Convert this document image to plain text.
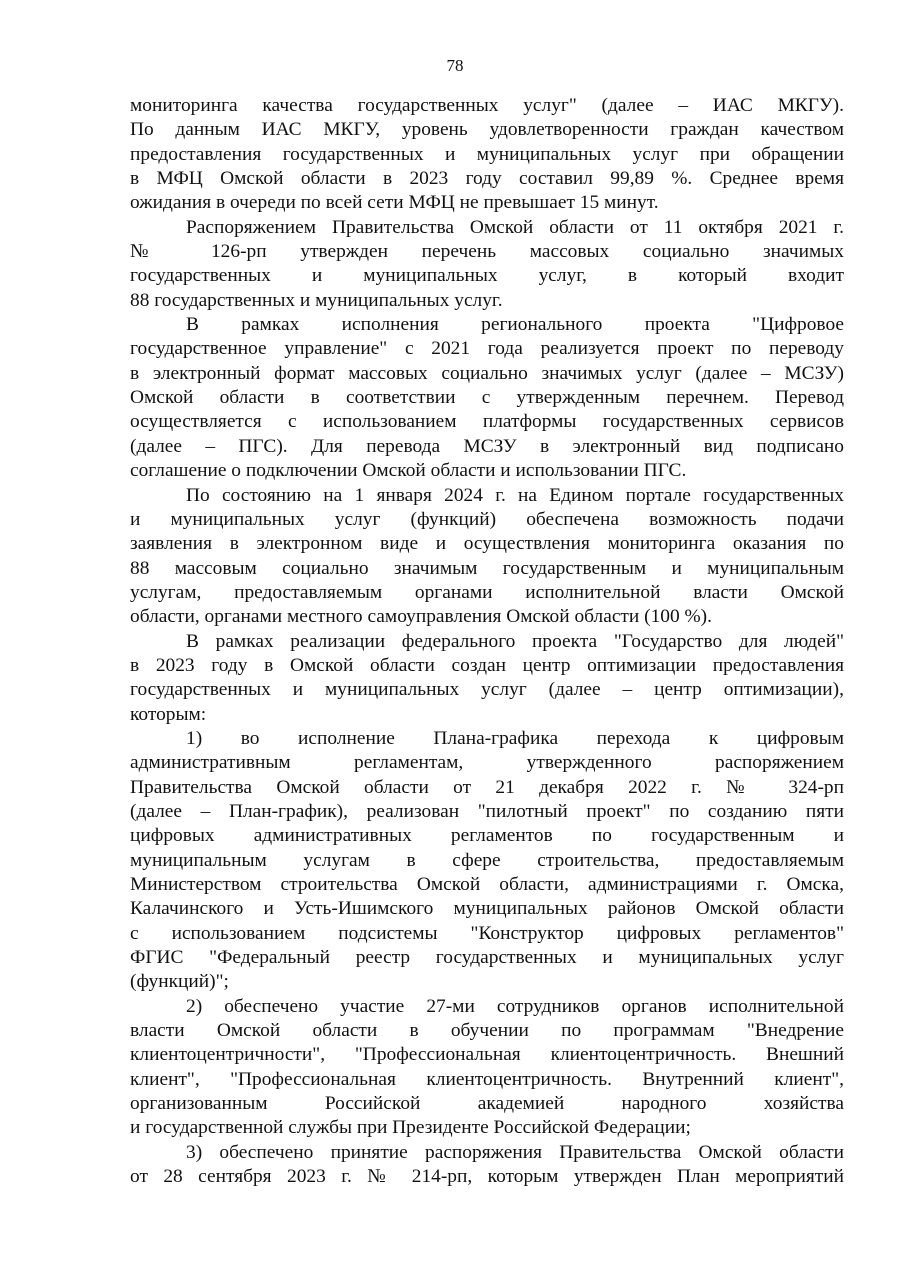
78
мониторинга качества государственных услуг" (далее – ИАС МКГУ).
По данным ИАС МКГУ, уровень удовлетворенности граждан качеством
предоставления государственных и муниципальных услуг при обращении
в МФЦ Омской области в 2023 году составил 99,89 %. Среднее время
ожидания в очереди по всей сети МФЦ не превышает 15 минут.
Распоряжением Правительства Омской области от 11 октября 2021 г.
№ 126-рп утвержден перечень массовых социально значимых
государственных и муниципальных услуг, в который входит
88 государственных и муниципальных услуг.
В рамках исполнения регионального проекта "Цифровое
государственное управление" с 2021 года реализуется проект по переводу
в электронный формат массовых социально значимых услуг (далее – МСЗУ)
Омской области в соответствии с утвержденным перечнем. Перевод
осуществляется с использованием платформы государственных сервисов
(далее – ПГС). Для перевода МСЗУ в электронный вид подписано
соглашение о подключении Омской области и использовании ПГС.
По состоянию на 1 января 2024 г. на Едином портале государственных
и муниципальных услуг (функций) обеспечена возможность подачи
заявления в электронном виде и осуществления мониторинга оказания по
88 массовым социально значимым государственным и муниципальным
услугам, предоставляемым органами исполнительной власти Омской
области, органами местного самоуправления Омской области (100 %).
В рамках реализации федерального проекта "Государство для людей"
в 2023 году в Омской области создан центр оптимизации предоставления
государственных и муниципальных услуг (далее – центр оптимизации),
которым:
1) во исполнение Плана-графика перехода к цифровым
административным регламентам, утвержденного распоряжением
Правительства Омской области от 21 декабря 2022 г. № 324-рп
(далее – План-график), реализован "пилотный проект" по созданию пяти
цифровых административных регламентов по государственным и
муниципальным услугам в сфере строительства, предоставляемым
Министерством строительства Омской области, администрациями г. Омска,
Калачинского и Усть-Ишимского муниципальных районов Омской области
с использованием подсистемы "Конструктор цифровых регламентов"
ФГИС "Федеральный реестр государственных и муниципальных услуг
(функций)";
2) обеспечено участие 27-ми сотрудников органов исполнительной
власти Омской области в обучении по программам "Внедрение
клиентоцентричности", "Профессиональная клиентоцентричность. Внешний
клиент", "Профессиональная клиентоцентричность. Внутренний клиент",
организованным Российской академией народного хозяйства
и государственной службы при Президенте Российской Федерации;
3) обеспечено принятие распоряжения Правительства Омской области
от 28 сентября 2023 г. № 214-рп, которым утвержден План мероприятий
